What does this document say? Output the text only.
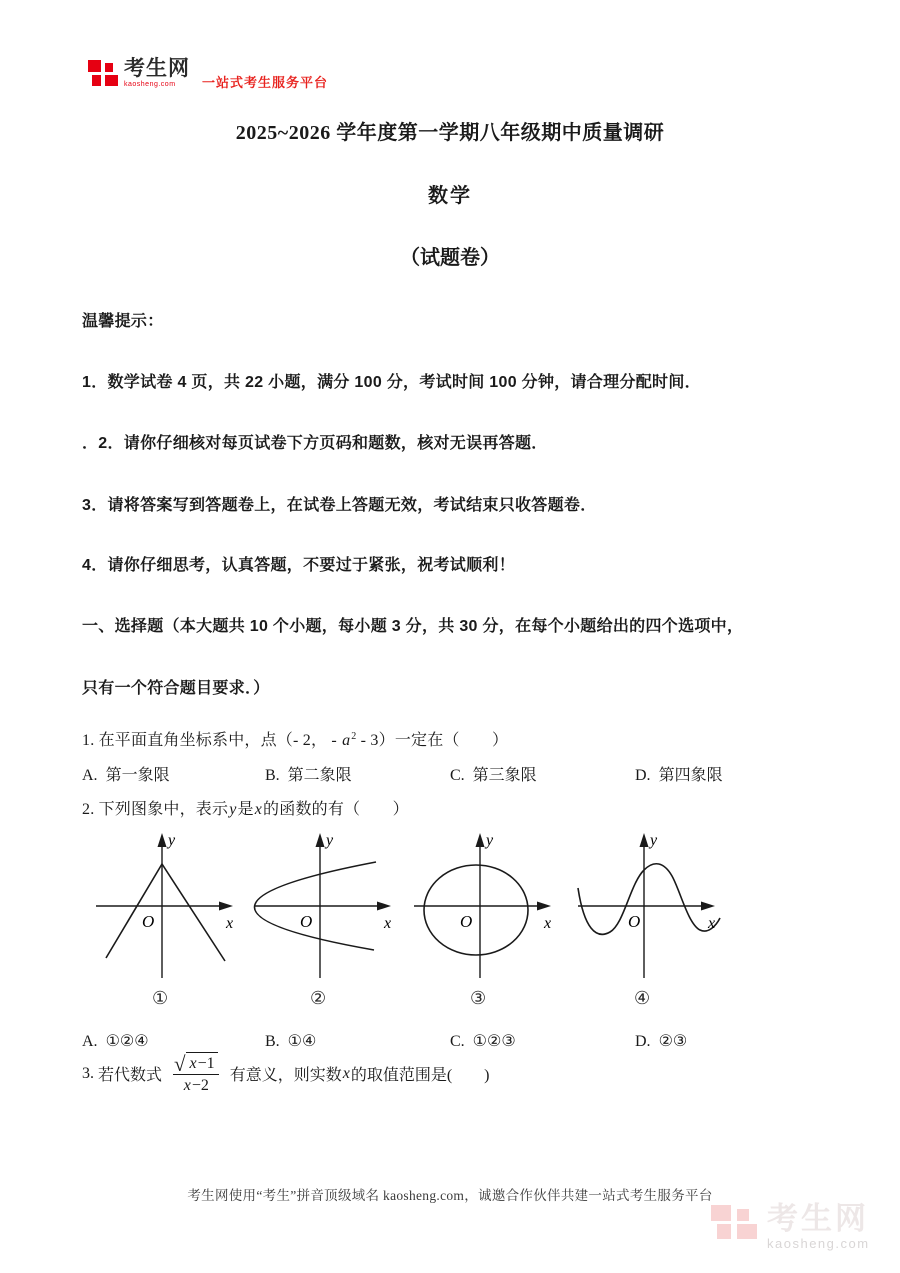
考生网
kaosheng.com	一站式考生服务平台
2025~2026 学年度第一学期八年级期中质量调研
数学
（试题卷）
温馨提示：
1．数学试卷 4 页，共 22 小题，满分 100 分，考试时间 100 分钟，请合理分配时间．
．2．请你仔细核对每页试卷下方页码和题数，核对无误再答题．
3．请将答案写到答题卷上，在试卷上答题无效，考试结束只收答题卷．
4．请你仔细思考，认真答题，不要过于紧张，祝考试顺利！
一、选择题（本大题共 10 个小题，每小题 3 分，共 30 分，在每个小题给出的四个选项中，
只有一个符合题目要求．）
1. 在平面直角坐标系中，点（- 2， - $a^2 - 3$）一定在（　　）
A. 第一象限	B. 第二象限	C. 第三象限	D. 第四象限
2. 下列图象中，表示y是x的函数的有（　　）
y
x
O
y
x
O
y
x
O
y
x
O
①	②	③	④
A. ①②④	B. ①④	C. ①②③	D. ②③
3.
若代数式 $\frac{√ x-1}{x-2}$ 有意义，则实数 x 的取值范围是(　　)
考生网使用“考生”拼音顶级域名 kaosheng.com，诚邀合作伙伴共建一站式考生服务平台
考生网
kaosheng.com
